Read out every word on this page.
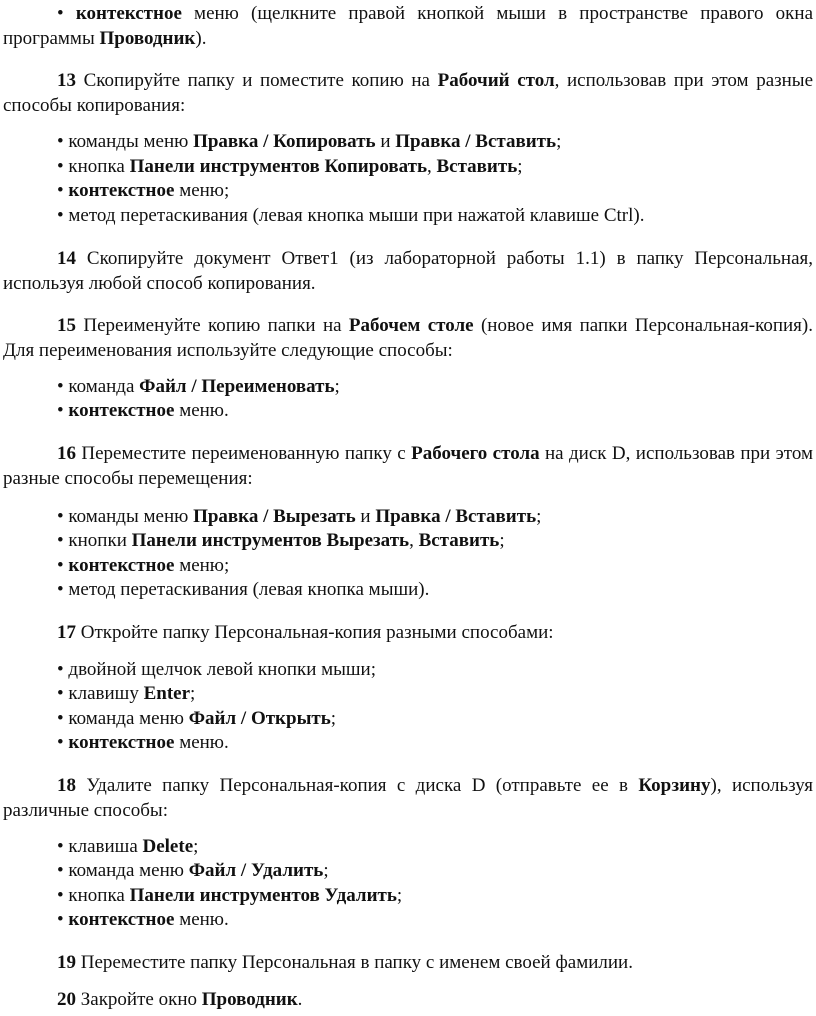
• контекстное меню (щелкните правой кнопкой мыши в пространстве правого окна программы Проводник).
13 Скопируйте папку и поместите копию на Рабочий стол, использовав при этом разные способы копирования:
• команды меню Правка / Копировать и Правка / Вставить;
• кнопка Панели инструментов Копировать, Вставить;
• контекстное меню;
• метод перетаскивания (левая кнопка мыши при нажатой клавише Ctrl).
14 Скопируйте документ Ответ1 (из лабораторной работы 1.1) в папку Персональная, используя любой способ копирования.
15 Переименуйте копию папки на Рабочем столе (новое имя папки Персональная-копия). Для переименования используйте следующие способы:
• команда Файл / Переименовать;
• контекстное меню.
16 Переместите переименованную папку с Рабочего стола на диск D, использовав при этом разные способы перемещения:
• команды меню Правка / Вырезать и Правка / Вставить;
• кнопки Панели инструментов Вырезать, Вставить;
• контекстное меню;
• метод перетаскивания (левая кнопка мыши).
17 Откройте папку Персональная-копия разными способами:
• двойной щелчок левой кнопки мыши;
• клавишу Enter;
• команда меню Файл / Открыть;
• контекстное меню.
18 Удалите папку Персональная-копия с диска D (отправьте ее в Корзину), используя различные способы:
• клавиша Delete;
• команда меню Файл / Удалить;
• кнопка Панели инструментов Удалить;
• контекстное меню.
19 Переместите папку Персональная в папку с именем своей фамилии.
20 Закройте окно Проводник.
